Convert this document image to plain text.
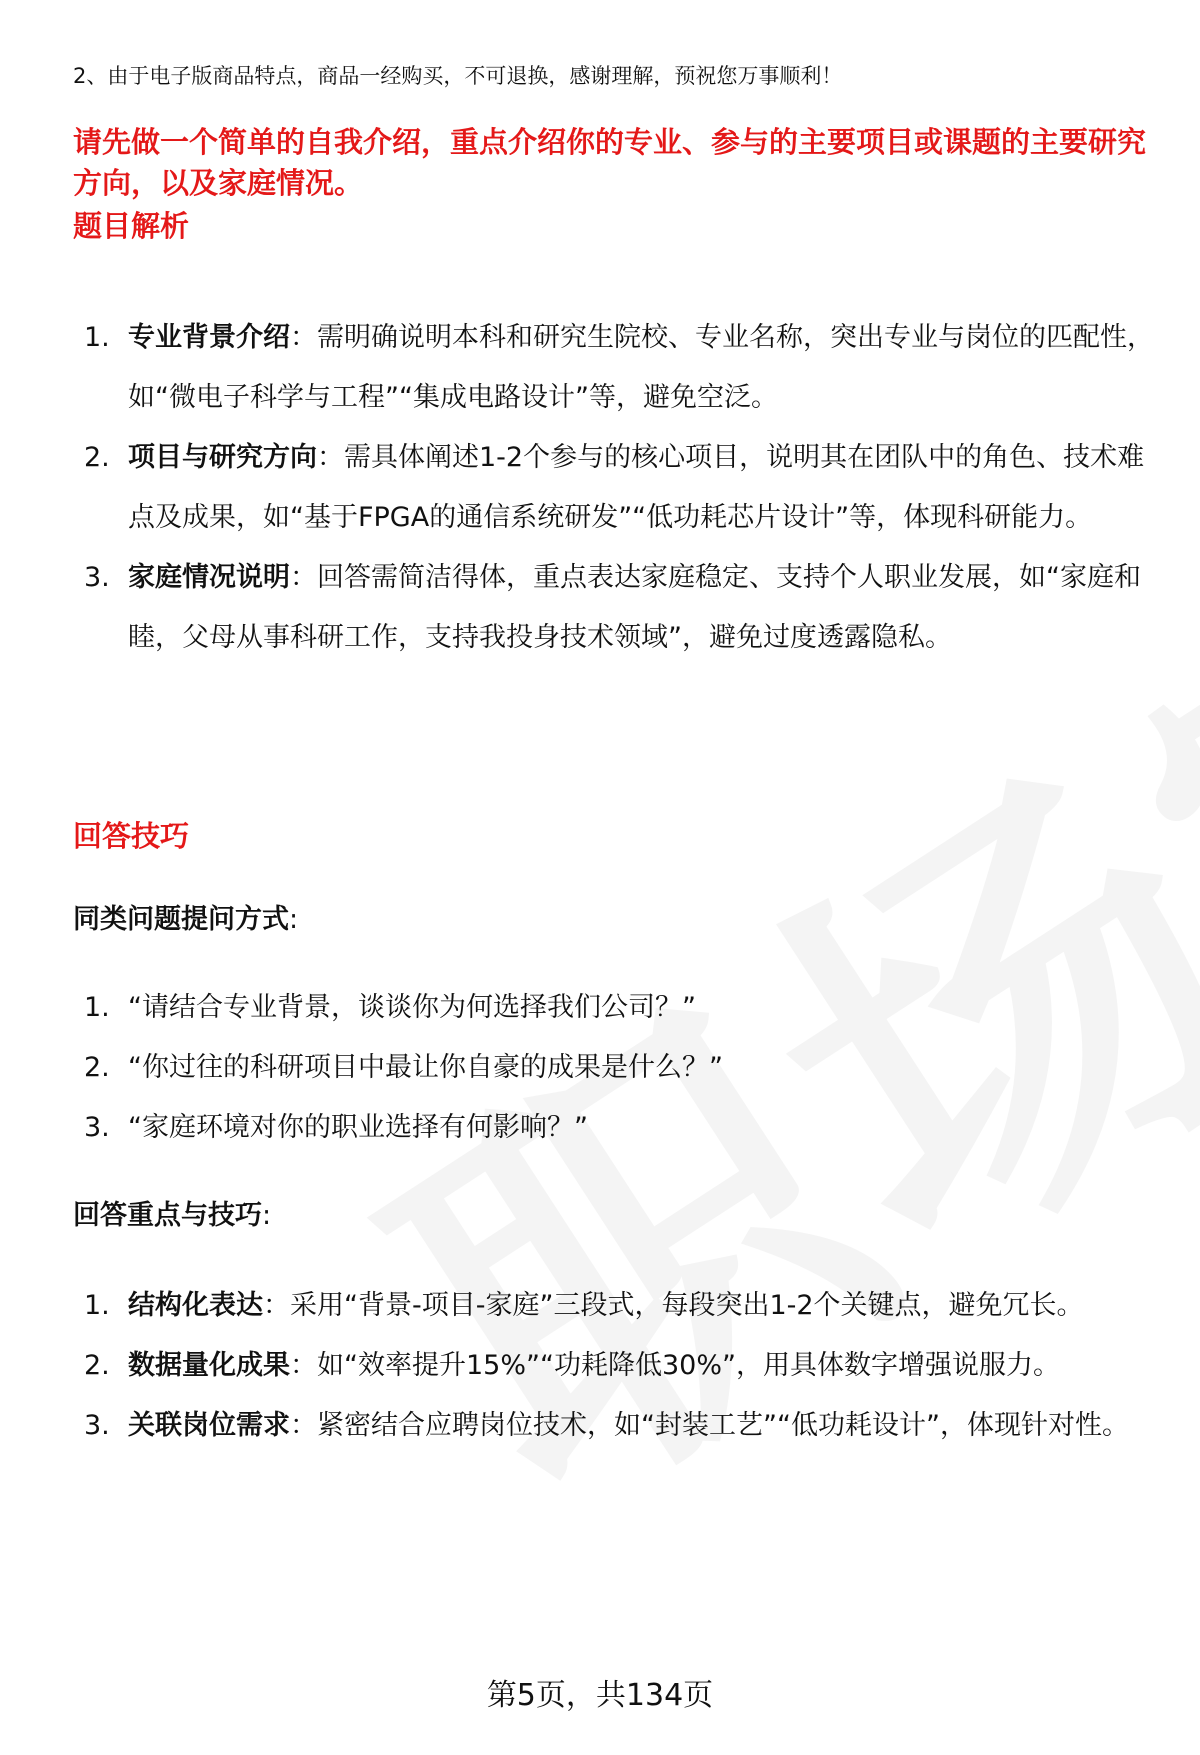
2、由于电子版商品特点，商品一经购买，不可退换，感谢理解，预祝您万事顺利！
请先做一个简单的自我介绍，重点介绍你的专业、参与的主要项目或课题的主要研究方向，以及家庭情况。
题目解析
1. 专业背景介绍：需明确说明本科和研究生院校、专业名称，突出专业与岗位的匹配性，如“微电子科学与工程”“集成电路设计”等，避免空泛。
2. 项目与研究方向：需具体阐述1-2个参与的核心项目，说明其在团队中的角色、技术难点及成果，如“基于FPGA的通信系统研发”“低功耗芯片设计”等，体现科研能力。
3. 家庭情况说明：回答需简洁得体，重点表达家庭稳定、支持个人职业发展，如“家庭和睦，父母从事科研工作，支持我投身技术领域”，避免过度透露隐私。
回答技巧
同类问题提问方式:
1. “请结合专业背景，谈谈你为何选择我们公司？”
2. “你过往的科研项目中最让你自豪的成果是什么？”
3. “家庭环境对你的职业选择有何影响？”
回答重点与技巧:
1. 结构化表达：采用“背景-项目-家庭”三段式，每段突出1-2个关键点，避免冗长。
2. 数据量化成果：如“效率提升15%”“功耗降低30%”，用具体数字增强说服力。
3. 关联岗位需求：紧密结合应聘岗位技术，如“封装工艺”“低功耗设计”，体现针对性。
第5页，共134页
